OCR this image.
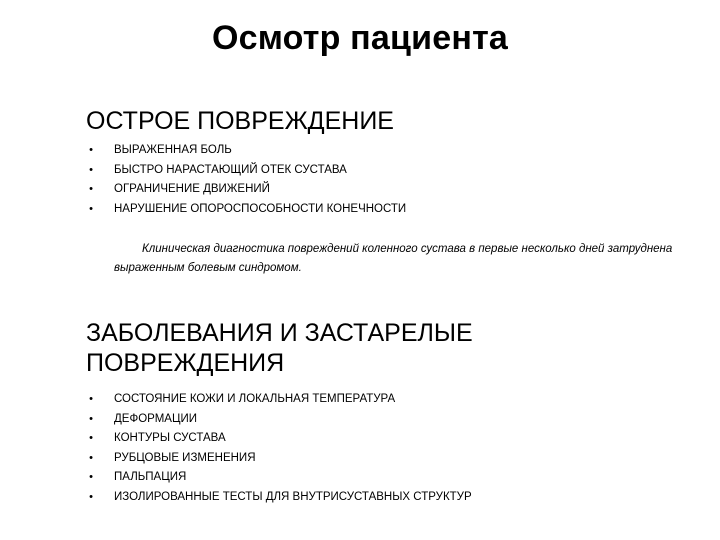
Осмотр пациента
ОСТРОЕ ПОВРЕЖДЕНИЕ
• ВЫРАЖЕННАЯ БОЛЬ
• БЫСТРО НАРАСТАЮЩИЙ ОТЕК СУСТАВА
• ОГРАНИЧЕНИЕ ДВИЖЕНИЙ
• НАРУШЕНИЕ ОПОРОСПОСОБНОСТИ КОНЕЧНОСТИ
Клиническая диагностика повреждений коленного сустава в первые несколько дней затруднена выраженным болевым синдромом.
ЗАБОЛЕВАНИЯ И ЗАСТАРЕЛЫЕ ПОВРЕЖДЕНИЯ
• СОСТОЯНИЕ КОЖИ И ЛОКАЛЬНАЯ ТЕМПЕРАТУРА
• ДЕФОРМАЦИИ
• КОНТУРЫ СУСТАВА
• РУБЦОВЫЕ ИЗМЕНЕНИЯ
• ПАЛЬПАЦИЯ
• ИЗОЛИРОВАННЫЕ ТЕСТЫ ДЛЯ ВНУТРИСУСТАВНЫХ СТРУКТУР
